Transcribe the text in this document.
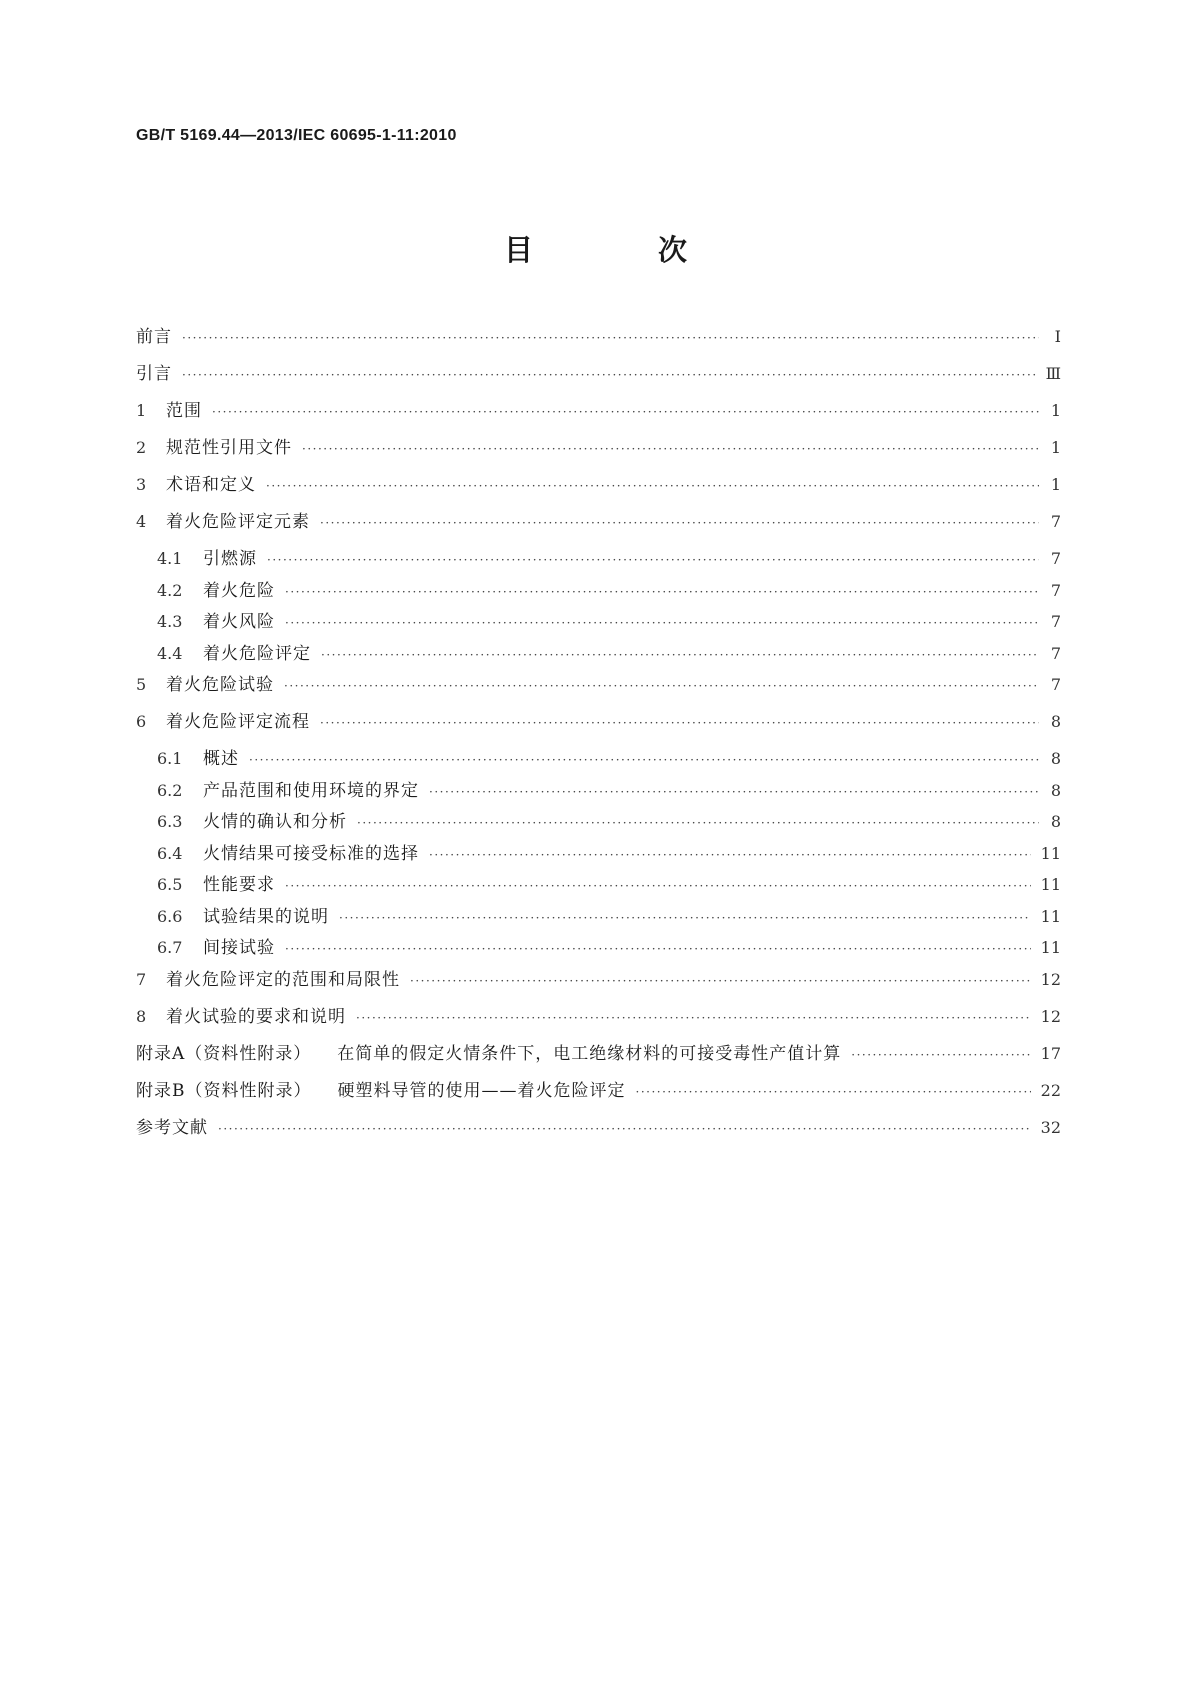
GB/T 5169.44—2013/IEC 60695-1-11:2010
目　次
前言 ·····	Ⅰ
引言 ·····	Ⅲ
1	范围 ·····	1
2	规范性引用文件 ·····	1
3	术语和定义 ·····	1
4	着火危险评定元素 ·····	7
4.1	引燃源 ·····	7
4.2	着火危险 ·····	7
4.3	着火风险 ·····	7
4.4	着火危险评定 ·····	7
5	着火危险试验 ·····	7
6	着火危险评定流程 ·····	8
6.1	概述 ·····	8
6.2	产品范围和使用环境的界定 ·····	8
6.3	火情的确认和分析 ·····	8
6.4	火情结果可接受标准的选择 ·····	11
6.5	性能要求 ·····	11
6.6	试验结果的说明 ·····	11
6.7	间接试验 ·····	11
7	着火危险评定的范围和局限性 ·····	12
8	着火试验的要求和说明 ·····	12
附录A（资料性附录） 在简单的假定火情条件下，电工绝缘材料的可接受毒性产值计算 ·····	17
附录B（资料性附录） 硬塑料导管的使用——着火危险评定 ·····	22
参考文献 ·····	32
